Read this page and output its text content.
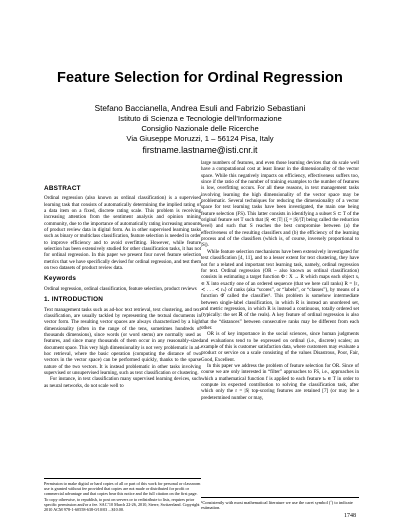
Feature Selection for Ordinal Regression
Stefano Baccianella, Andrea Esuli and Fabrizio Sebastiani
Istituto di Scienza e Tecnologie dell’Informazione
Consiglio Nazionale delle Ricerche
Via Giuseppe Moruzzi, 1 – 56124 Pisa, Italy
firstname.lastname@isti.cnr.it
ABSTRACT

Ordinal regression (also known as ordinal classification) is a supervised learning task that consists of automatically determining the implied rating of a data item on a fixed, discrete rating scale. This problem is receiving increasing attention from the sentiment analysis and opinion mining community, due to the importance of automatically rating increasing amounts of product review data in digital form. As in other supervised learning tasks such as binary or multiclass classification, feature selection is needed in order to improve efficiency and to avoid overfitting. However, while feature selection has been extensively studied for other classification tasks, it has not for ordinal regression. In this paper we present four novel feature selection metrics that we have specifically devised for ordinal regression, and test them on two datasets of product review data.

Keywords

Ordinal regression, ordinal classification, feature selection, product reviews

1. INTRODUCTION

Text management tasks such as ad-hoc text retrieval, text clustering, and text classification, are usually tackled by representing the textual documents in vector form. The resulting vector spaces are always characterized by a high dimensionality (often in the range of the tens, sometimes hundreds of thousands dimensions), since words (or word stems) are normally used as features, and since many thousands of them occur in any reasonably-sized document space. This very high dimensionality is not very problematic in ad-hoc retrieval, where the basic operation (computing the distance of two vectors in the vector space) can be performed quickly, thanks to the sparse nature of the two vectors. It is instead problematic in other tasks involving supervised or unsupervised learning, such as text classification or clustering.

For instance, in text classification many supervised learning devices, such as neural networks, do not scale well to

large numbers of features, and even those learning devices that do scale well have a computational cost at least linear in the dimensionality of the vector space. While this negatively impacts on efficiency, effectiveness suffers too, since if the ratio of the number of training examples to the number of features is low, overfitting occurs. For all these reasons, in text management tasks involving learning the high dimensionality of the vector space may be problematic. Several techniques for reducing the dimensionality of a vector space for text learning tasks have been investigated, the main one being feature selection (FS). This latter consists in identifying a subset S ⊂ T of the original feature set T such that |S| ≪ |T| (ξ = |S|/|T| being called the reduction level) and such that S reaches the best compromise between (a) the effectiveness of the resulting classifiers and (b) the efficiency of the learning process and of the classifiers (which is, of course, inversely proportional to |S|).

While feature selection mechanisms have been extensively investigated for text classification [4, 11], and to a lesser extent for text clustering, they have not for a related and important text learning task, namely, ordinal regression for text. Ordinal regression (OR – also known as ordinal classification) consists in estimating a target function Φ : X → R which maps each object xᵢ ∈ X into exactly one of an ordered sequence (that we here call ranks) R = ⟨r₁ ≺ . . . ≺ rₙ⟩ of ranks (aka “scores”, or “labels”, or “classes”), by means of a function Φ̂ called the classifier¹. This problem is somehow intermediate between single-label classification, in which R is instead an unordered set, and metric regression, in which R is instead a continuous, totally ordered set (typically: the set ℝ of the reals). A key feature of ordinal regression is also that the “distances” between consecutive ranks may be different from each other.

OR is of key importance in the social sciences, since human judgments and evaluations tend to be expressed on ordinal (i.e., discrete) scales; an example of this is customer satisfaction data, where customers may evaluate a product or service on a scale consisting of the values Disastrous, Poor, Fair, Good, Excellent.

In this paper we address the problem of feature selection for OR. Since of course we are only interested in “filter” approaches to FS, i.e., approaches in which a mathematical function f is applied to each feature tₖ ∈ T in order to compute its expected contribution to solving the classification task, after which only the r = |S| top-scoring features are retained [7] (or may be a predetermined number or may,

Permission to make digital or hard copies of all or part of this work for personal or classroom use is granted without fee provided that copies are not made or distributed for profit or commercial advantage and that copies bear this notice and the full citation on the first page. To copy otherwise, to republish, to post on servers or to redistribute to lists, requires prior specific permission and/or a fee. SAC’10 March 22-26, 2010, Sierre, Switzerland. Copyright 2010 ACM 978-1-60558-638-0/10/03 ...$10.00.
¹Consistently with most mathematical literature we use the caret symbol (ˆ) to indicate estimation.
1748
